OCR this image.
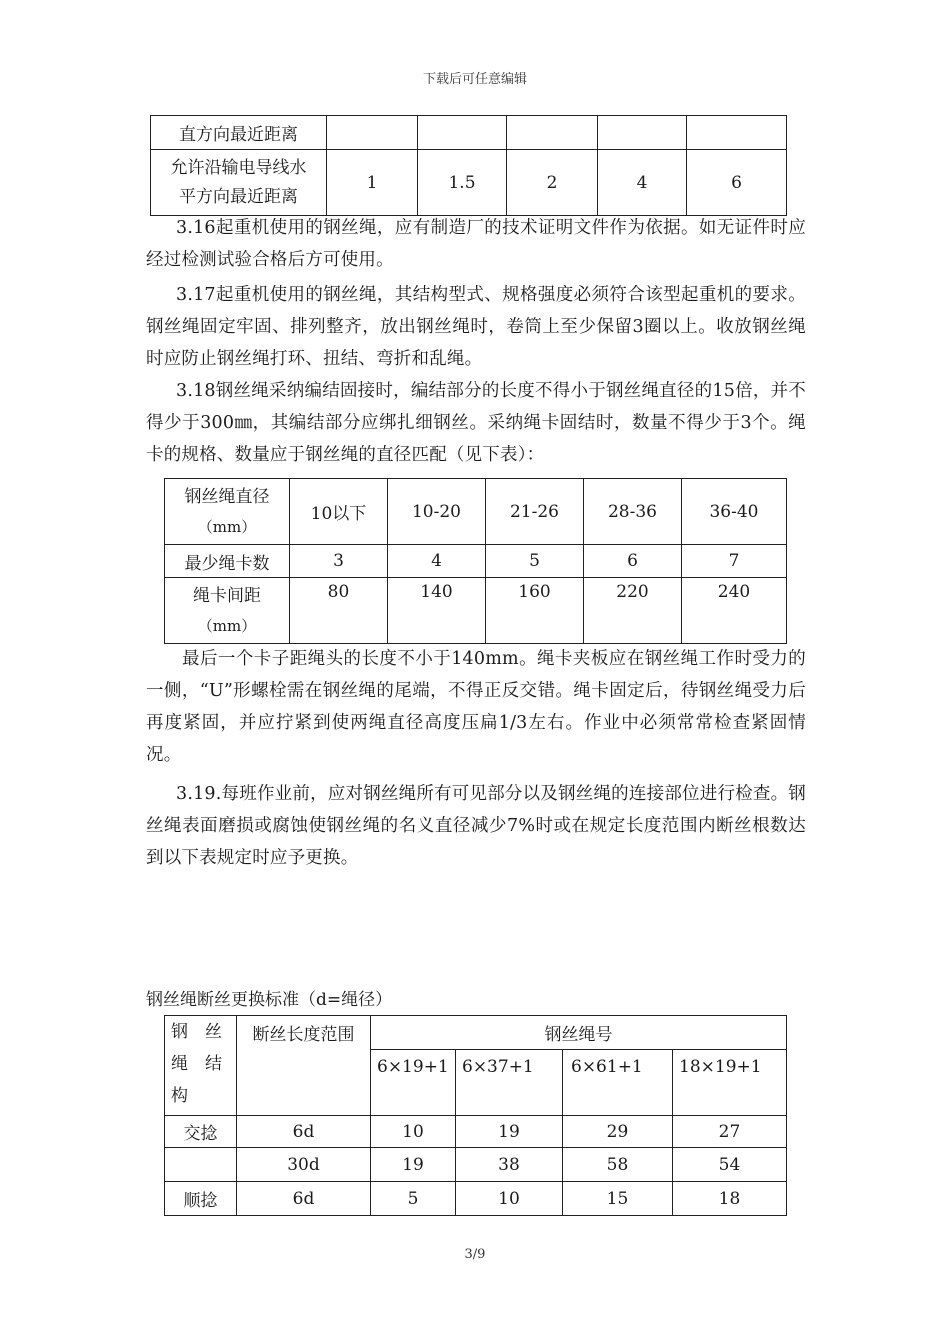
下载后可任意编辑
直方向最近距离					

允许沿输电导线水
平方向最近距离	1	1.5	2	4	6

3.16起重机使用的钢丝绳，应有制造厂的技术证明文件作为依据。如无证件时应经过检测试验合格后方可使用。

3.17起重机使用的钢丝绳，其结构型式、规格强度必须符合该型起重机的要求。钢丝绳固定牢固、排列整齐，放出钢丝绳时，卷筒上至少保留3圈以上。收放钢丝绳时应防止钢丝绳打环、扭结、弯折和乱绳。

3.18钢丝绳采纳编结固接时，编结部分的长度不得小于钢丝绳直径的15倍，并不得少于300㎜，其编结部分应绑扎细钢丝。采纳绳卡固结时，数量不得少于3个。绳卡的规格、数量应于钢丝绳的直径匹配（见下表）：

钢丝绳直径
（mm）	10以下	10-20	21-26	28-36	36-40
最少绳卡数	3	4	5	6	7

绳卡间距
（mm）	80	140	160	220	240

最后一个卡子距绳头的长度不小于140mm。绳卡夹板应在钢丝绳工作时受力的一侧，“U”形螺栓需在钢丝绳的尾端，不得正反交错。绳卡固定后，待钢丝绳受力后再度紧固，并应拧紧到使两绳直径高度压扁1/3左右。作业中必须常常检查紧固情况。

3.19.每班作业前，应对钢丝绳所有可见部分以及钢丝绳的连接部位进行检查。钢丝绳表面磨损或腐蚀使钢丝绳的名义直径减少7%时或在规定长度范围内断丝根数达到以下表规定时应予更换。

钢丝绳断丝更换标准（d=绳径）
钢　丝
绳　结
构	断丝长度范围	钢丝绳号			
		6×19+1	6×37+1	6×61+1	18×19+1
交捻	6d	10	19	29	27
	30d	19	38	58	54
顺捻	6d	5	10	15	18
3/9
